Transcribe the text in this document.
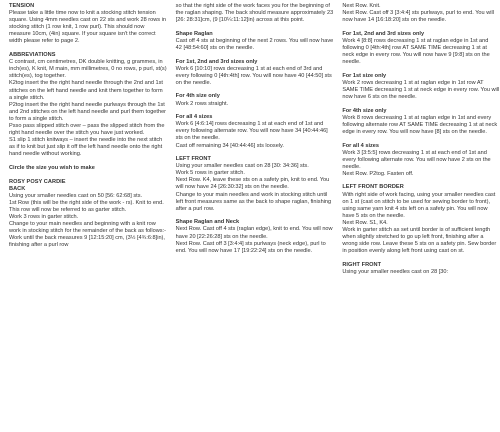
TENSION

Please take a little time now to knit a stocking stitch tension square. Using 4mm needles cast on 22 sts and work 28 rows in stocking stitch (1 row knit, 1 row purl). This should now measure 10cm, (4in) square. If your square isn't the correct width please refer to page 2.

ABBREVIATIONS

C contrast, cm centimetres, DK double knitting, g grammes, in inch(es), K knit, M main, mm millimetres, 0 no rows, p purl, st(s) stitch(es), tog together.

K2tog insert the the right hand needle through the 2nd and 1st stitches on the left hand needle and knit them together to form a single stitch.

P2tog insert the the right hand needle purlways through the 1st and 2nd stitches on the left hand needle and purl them together to form a single stitch.

Psso pass slipped stitch over – pass the slipped stitch from the right hand needle over the stitch you have just worked.

S1 slip 1 stitch knitways – insert the needle into the next stitch as if to knit but just slip it off the left hand needle onto the right hand needle without working.

Circle the size you wish to make
ROSY POSY CARDIE
BACK

Using your smaller needles cast on 50 [56: 62:68] sts.

1st Row (this will be the right side of the work - rs). Knit to end.

This row will now be referred to as garter stitch.

Work 3 rows in garter stitch.

Change to your main needles and beginning with a knit row work in stocking stitch for the remainder of the back as follows:-

Work until the back measures 9 [12:15:20] cm, (3½ [4¾:6:8]in), finishing after a purl row

so that the right side of the work faces you for the beginning of the raglan shaping. The back should measure approximately 23 [26: 28:31]cm, (9 [10¼:11:12]in) across at this point.

Shape Raglan

Cast off 4 sts at beginning of the next 2 rows. You will now have 42 [48:54:60] sts on the needle.

For 1st, 2nd and 3rd sizes only

Work 6 [10:10] rows decreasing 1 st at each end of 3rd and every following 0 [4th:4th] row. You will now have 40 [44:50] sts on the needle.

For 4th size only

Work 2 rows straight.

For all 4 sizes

Work 6 [4:6:14] rows decreasing 1 st at each end of 1st and every following alternate row. You will now have 34 [40:44:46] sts on the needle.

Cast off remaining 34 [40:44:46] sts loosely.

LEFT FRONT

Using your smaller needles cast on 28 [30: 34:36] sts.

Work 5 rows in garter stitch.

Next Row. K4, leave these sts on a safety pin, knit to end. You will now have 24 [26:30:32] sts on the needle.

Change to your main needles and work in stocking stitch until left front measures same as the back to shape raglan, finishing after a purl row.

Shape Raglan and Neck

Next Row. Cast off 4 sts (raglan edge), knit to end. You will now have 20 [22:26:28] sts on the needle.

Next Row. Cast off 3 [3:4:4] sts purlways (neck edge), purl to end. You will now have 17 [19:22:24] sts on the needle.

Next Row. Knit.

Next Row. Cast off 3 [3:4:4] sts purlways, purl to end. You will now have 14 [16:18:20] sts on the needle.

For 1st, 2nd and 3rd sizes only

Work 4 [8:8] rows decreasing 1 st at raglan edge in 1st and following 0 [4th:4th] row AT SAME TIME decreasing 1 st at neck edge in every row. You will now have 9 [9:8] sts on the needle.

For 1st size only

Work 2 rows decreasing 1 st at raglan edge in 1st row AT SAME TIME decreasing 1 st at neck edge in every row. You will now have 6 sts on the needle.

For 4th size only

Work 8 rows decreasing 1 st at raglan edge in 1st and every following alternate row AT SAME TIME decreasing 1 st at neck edge in every row. You will now have [8] sts on the needle.

For all 4 sizes

Work 3 [3:5:5] rows decreasing 1 st at each end of 1st and every following alternate row. You will now have 2 sts on the needle.

Next Row. P2tog. Fasten off.

LEFT FRONT BORDER

With right side of work facing, using your smaller needles cast on 1 st (cast on stitch to be used for sewing border to front), using same yarn knit 4 sts left on a safety pin. You will now have 5 sts on the needle.

Next Row. S1, K4.

Work in garter stitch as set until border is of sufficient length when slightly stretched to go up left front, finishing after a wrong side row. Leave these 5 sts on a safety pin. Sew border in position evenly along left front using cast on st.

RIGHT FRONT

Using your smaller needles cast on 28 [30:
